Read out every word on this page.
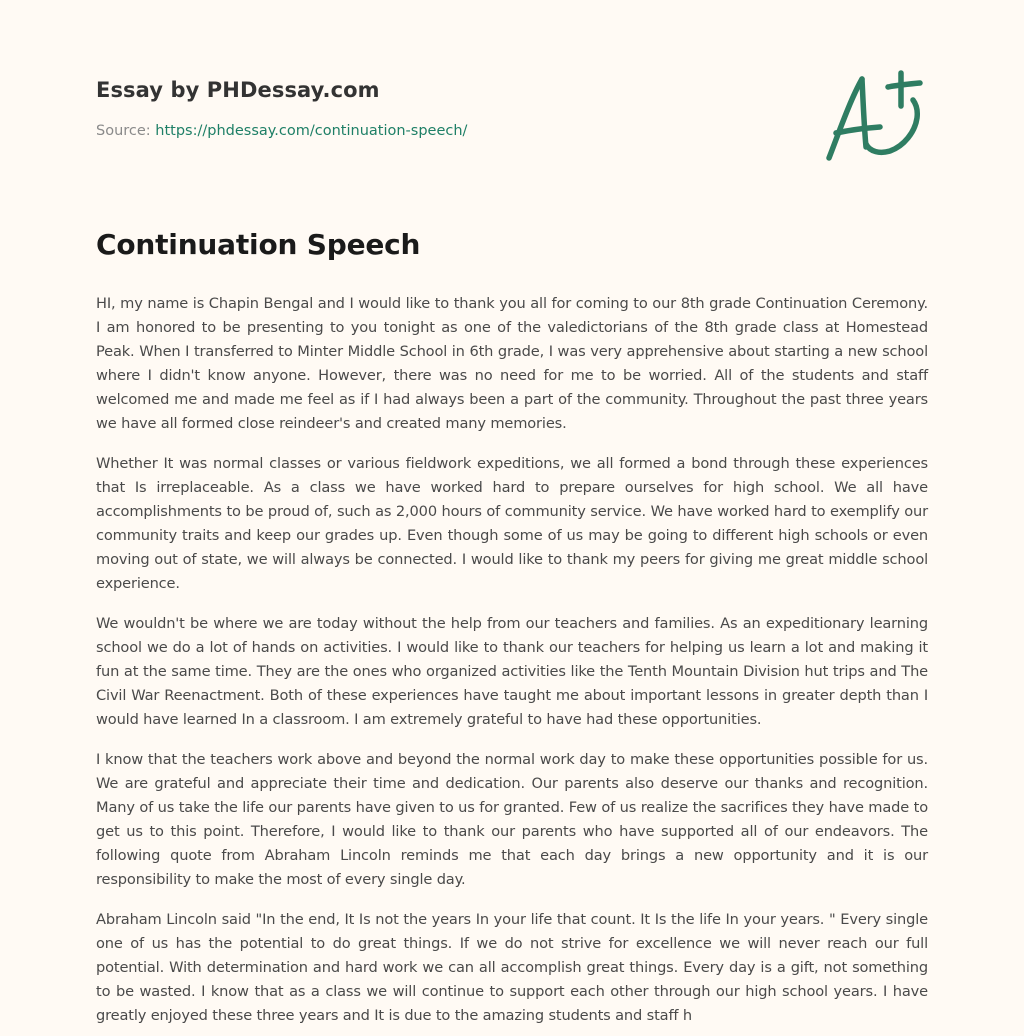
Essay by PHDessay.com
Source: https://phdessay.com/continuation-speech/
Continuation Speech

HI, my name is Chapin Bengal and I would like to thank you all for coming to our 8th grade Continuation Ceremony. I am honored to be presenting to you tonight as one of the valedictorians of the 8th grade class at Homestead Peak. When I transferred to Minter Middle School in 6th grade, I was very apprehensive about starting a new school where I didn't know anyone. However, there was no need for me to be worried. All of the students and staff welcomed me and made me feel as if I had always been a part of the community. Throughout the past three years we have all formed close reindeer's and created many memories.

Whether It was normal classes or various fieldwork expeditions, we all formed a bond through these experiences that Is irreplaceable. As a class we have worked hard to prepare ourselves for high school. We all have accomplishments to be proud of, such as 2,000 hours of community service. We have worked hard to exemplify our community traits and keep our grades up. Even though some of us may be going to different high schools or even moving out of state, we will always be connected. I would like to thank my peers for giving me great middle school experience.

We wouldn't be where we are today without the help from our teachers and families. As an expeditionary learning school we do a lot of hands on activities. I would like to thank our teachers for helping us learn a lot and making it fun at the same time. They are the ones who organized activities like the Tenth Mountain Division hut trips and The Civil War Reenactment. Both of these experiences have taught me about important lessons in greater depth than I would have learned In a classroom. I am extremely grateful to have had these opportunities.

I know that the teachers work above and beyond the normal work day to make these opportunities possible for us. We are grateful and appreciate their time and dedication. Our parents also deserve our thanks and recognition. Many of us take the life our parents have given to us for granted. Few of us realize the sacrifices they have made to get us to this point. Therefore, I would like to thank our parents who have supported all of our endeavors. The following quote from Abraham Lincoln reminds me that each day brings a new opportunity and it is our responsibility to make the most of every single day.

Abraham Lincoln said "In the end, It Is not the years In your life that count. It Is the life In your years. " Every single one of us has the potential to do great things. If we do not strive for excellence we will never reach our full potential. With determination and hard work we can all accomplish great things. Every day is a gift, not something to be wasted. I know that as a class we will continue to support each other through our high school years. I have greatly enjoyed these three years and It is due to the amazing students and staff h
